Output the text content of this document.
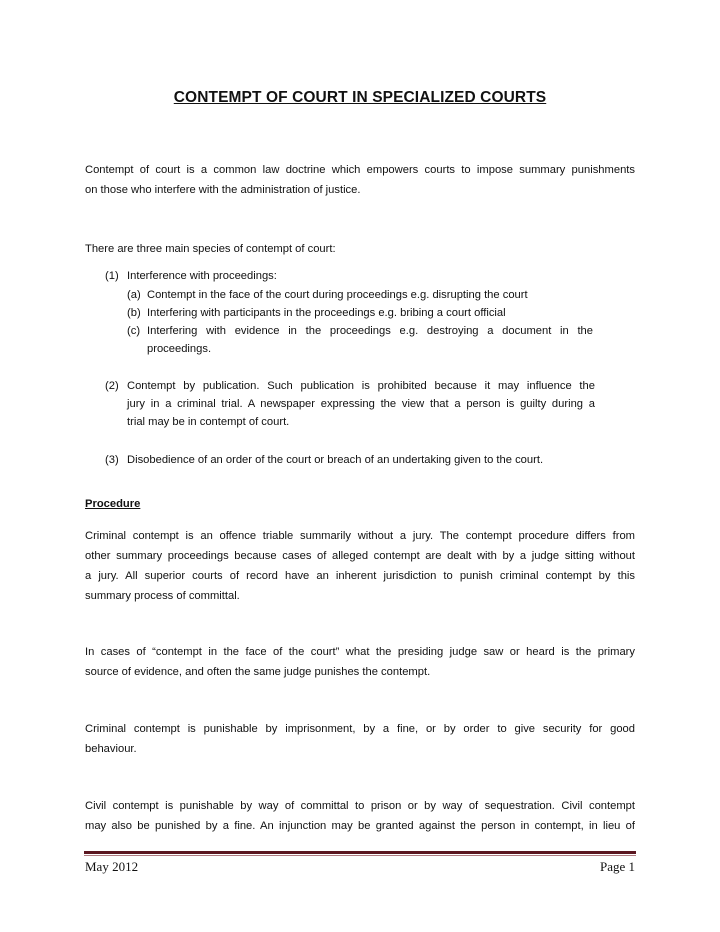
CONTEMPT OF COURT IN SPECIALIZED COURTS
Contempt of court is a common law doctrine which empowers courts to impose summary punishments
on those who interfere with the administration of justice.
There are three main species of contempt of court:
(1) Interference with proceedings:
(a) Contempt in the face of the court during proceedings e.g. disrupting the court
(b) Interfering with participants in the proceedings e.g. bribing a court official
(c) Interfering with evidence in the proceedings e.g. destroying a document in the
proceedings.
(2) Contempt by publication. Such publication is prohibited because it may influence the
jury in a criminal trial. A newspaper expressing the view that a person is guilty during a
trial may be in contempt of court.
(3) Disobedience of an order of the court or breach of an undertaking given to the court.
Procedure
Criminal contempt is an offence triable summarily without a jury. The contempt procedure differs from
other summary proceedings because cases of alleged contempt are dealt with by a judge sitting without
a jury. All superior courts of record have an inherent jurisdiction to punish criminal contempt by this
summary process of committal.
In cases of “contempt in the face of the court” what the presiding judge saw or heard is the primary
source of evidence, and often the same judge punishes the contempt.
Criminal contempt is punishable by imprisonment, by a fine, or by order to give security for good
behaviour.
Civil contempt is punishable by way of committal to prison or by way of sequestration. Civil contempt
may also be punished by a fine. An injunction may be granted against the person in contempt, in lieu of
May 2012	Page 1
